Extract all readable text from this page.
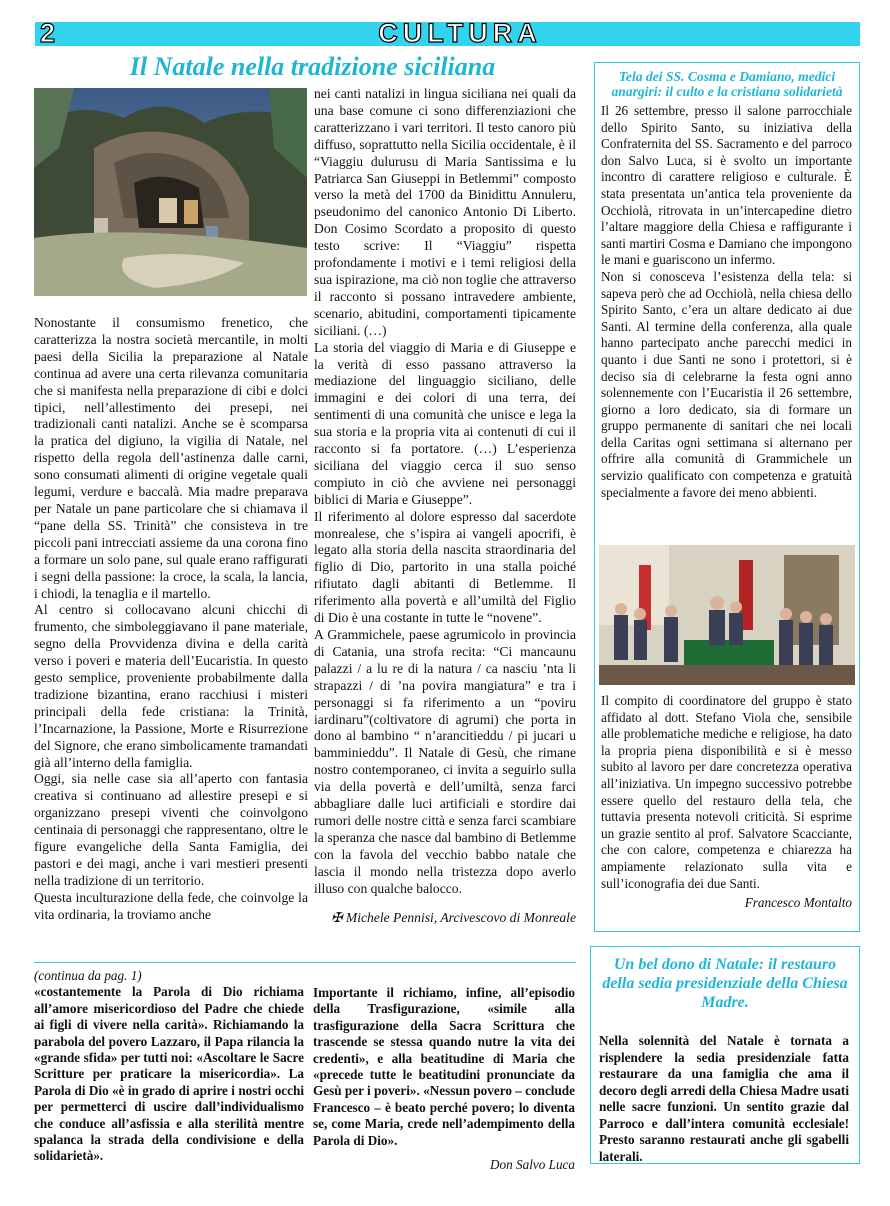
2	CULTURA
Il Natale nella tradizione siciliana

Nonostante il consumismo frenetico, che caratterizza la nostra società mercantile, in molti paesi della Sicilia la preparazione al Natale continua ad avere una certa rilevanza comunitaria che si manifesta nella preparazione di cibi e dolci tipici, nell’allestimento dei presepi, nei tradizionali canti natalizi. Anche se è scomparsa la pratica del digiuno, la vigilia di Natale, nel rispetto della regola dell’astinenza dalle carni, sono consumati alimenti di origine vegetale quali legumi, verdure e baccalà. Mia madre preparava per Natale un pane particolare che si chiamava il “pane della SS. Trinità” che consisteva in tre piccoli pani intrecciati assieme da una corona fino a formare un solo pane, sul quale erano raffigurati i segni della passione: la croce, la scala, la lancia, i chiodi, la tenaglia e il martello.

Al centro si collocavano alcuni chicchi di frumento, che simboleggiavano il pane materiale, segno della Provvidenza divina e della carità verso i poveri e materia dell’Eucaristia. In questo gesto semplice, proveniente probabilmente dalla tradizione bizantina, erano racchiusi i misteri principali della fede cristiana: la Trinità, l’Incarnazione, la Passione, Morte e Risurrezione del Signore, che erano simbolicamente tramandati già all’interno della famiglia.

Oggi, sia nelle case sia all’aperto con fantasia creativa si continuano ad allestire presepi e si organizzano presepi viventi che coinvolgono centinaia di personaggi che rappresentano, oltre le figure evangeliche della Santa Famiglia, dei pastori e dei magi, anche i vari mestieri presenti nella tradizione di un territorio.

Questa inculturazione della fede, che coinvolge la vita ordinaria, la troviamo anche

nei canti natalizi in lingua siciliana nei quali da una base comune ci sono differenziazioni che caratterizzano i vari territori. Il testo canoro più diffuso, soprattutto nella Sicilia occidentale, è il “Viaggiu dulurusu di Maria Santissima e lu Patriarca San Giuseppi in Betlemmi” composto verso la metà del 1700 da Binidittu Annuleru, pseudonimo del canonico Antonio Di Liberto. Don Cosimo Scordato a proposito di questo testo scrive: Il “Viaggiu” rispetta profondamente i motivi e i temi religiosi della sua ispirazione, ma ciò non toglie che attraverso il racconto si possano intravedere ambiente, scenario, abitudini, comportamenti tipicamente siciliani. (…)

La storia del viaggio di Maria e di Giuseppe e la verità di esso passano attraverso la mediazione del linguaggio siciliano, delle immagini e dei colori di una terra, dei sentimenti di una comunità che unisce e lega la sua storia e la propria vita ai contenuti di cui il racconto si fa portatore. (…) L’esperienza siciliana del viaggio cerca il suo senso compiuto in ciò che avviene nei personaggi biblici di Maria e Giuseppe”.

Il riferimento al dolore espresso dal sacerdote monrealese, che s’ispira ai vangeli apocrifi, è legato alla storia della nascita straordinaria del figlio di Dio, partorito in una stalla poiché rifiutato dagli abitanti di Betlemme. Il riferimento alla povertà e all’umiltà del Figlio di Dio è una costante in tutte le “novene”.

A Grammichele, paese agrumicolo in provincia di Catania, una strofa recita: “Ci mancaunu palazzi / a lu re di la natura / ca nasciu ’nta li strapazzi / di ’na povira mangiatura” e tra i personaggi si fa riferimento a un “poviru iardinaru”(coltivatore di agrumi) che porta in dono al bambino “ n’arancitieddu / pi jucari u bamminieddu”. Il Natale di Gesù, che rimane nostro contemporaneo, ci invita a seguirlo sulla via della povertà e dell’umiltà, senza farci abbagliare dalle luci artificiali e stordire dai rumori delle nostre città e senza farci scambiare la speranza che nasce dal bambino di Betlemme con la favola del vecchio babbo natale che lascia il mondo nella tristezza dopo averlo illuso con qualche balocco.

✠ Michele Pennisi, Arcivescovo di Monreale

Tela dei SS. Cosma e Damiano, medici anargiri: il culto e la cristiana solidarietà

Il 26 settembre, presso il salone parrocchiale dello Spirito Santo, su iniziativa della Confraternita del SS. Sacramento e del parroco don Salvo Luca, si è svolto un importante incontro di carattere religioso e culturale. È stata presentata un’antica tela proveniente da Occhiolà, ritrovata in un’intercapedine dietro l’altare maggiore della Chiesa e raffigurante i santi martiri Cosma e Damiano che impongono le mani e guariscono un infermo.

Non si conosceva l’esistenza della tela: si sapeva però che ad Occhiolà, nella chiesa dello Spirito Santo, c’era un altare dedicato ai due Santi. Al termine della conferenza, alla quale hanno partecipato anche parecchi medici in quanto i due Santi ne sono i protettori, si è deciso sia di celebrarne la festa ogni anno solennemente con l’Eucaristia il 26 settembre, giorno a loro dedicato, sia di formare un gruppo permanente di sanitari che nei locali della Caritas ogni settimana si alternano per offrire alla comunità di Grammichele un servizio qualificato con competenza e gratuità specialmente a favore dei meno abbienti.

Il compito di coordinatore del gruppo è stato affidato al dott. Stefano Viola che, sensibile alle problematiche mediche e religiose, ha dato la propria piena disponibilità e si è messo subito al lavoro per dare concretezza operativa all’iniziativa. Un impegno successivo potrebbe essere quello del restauro della tela, che tuttavia presenta notevoli criticità. Si esprime un grazie sentito al prof. Salvatore Scacciante, che con calore, competenza e chiarezza ha ampiamente relazionato sulla vita e sull’iconografia dei due Santi.

Francesco Montalto

(continua da pag. 1)

«costantemente la Parola di Dio richiama all’amore misericordioso del Padre che chiede ai figli di vivere nella carità». Richiamando la parabola del povero Lazzaro, il Papa rilancia la «grande sfida» per tutti noi: «Ascoltare le Sacre Scritture per praticare la misericordia». La Parola di Dio «è in grado di aprire i nostri occhi per permetterci di uscire dall’individualismo che conduce all’asfissia e alla sterilità mentre spalanca la strada della condivisione e della solidarietà».

Importante il richiamo, infine, all’episodio della Trasfigurazione, «simile alla trasfigurazione della Sacra Scrittura che trascende se stessa quando nutre la vita dei credenti», e alla beatitudine di Maria che «precede tutte le beatitudini pronunciate da Gesù per i poveri». «Nessun povero – conclude Francesco – è beato perché povero; lo diventa se, come Maria, crede nell’adempimento della Parola di Dio».

Don Salvo Luca

Un bel dono di Natale: il restauro della sedia presidenziale della Chiesa Madre.

Nella solennità del Natale è tornata a risplendere la sedia presidenziale fatta restaurare da una famiglia che ama il decoro degli arredi della Chiesa Madre usati nelle sacre funzioni. Un sentito grazie dal Parroco e dall’intera comunità ecclesiale! Presto saranno restaurati anche gli sgabelli laterali.
